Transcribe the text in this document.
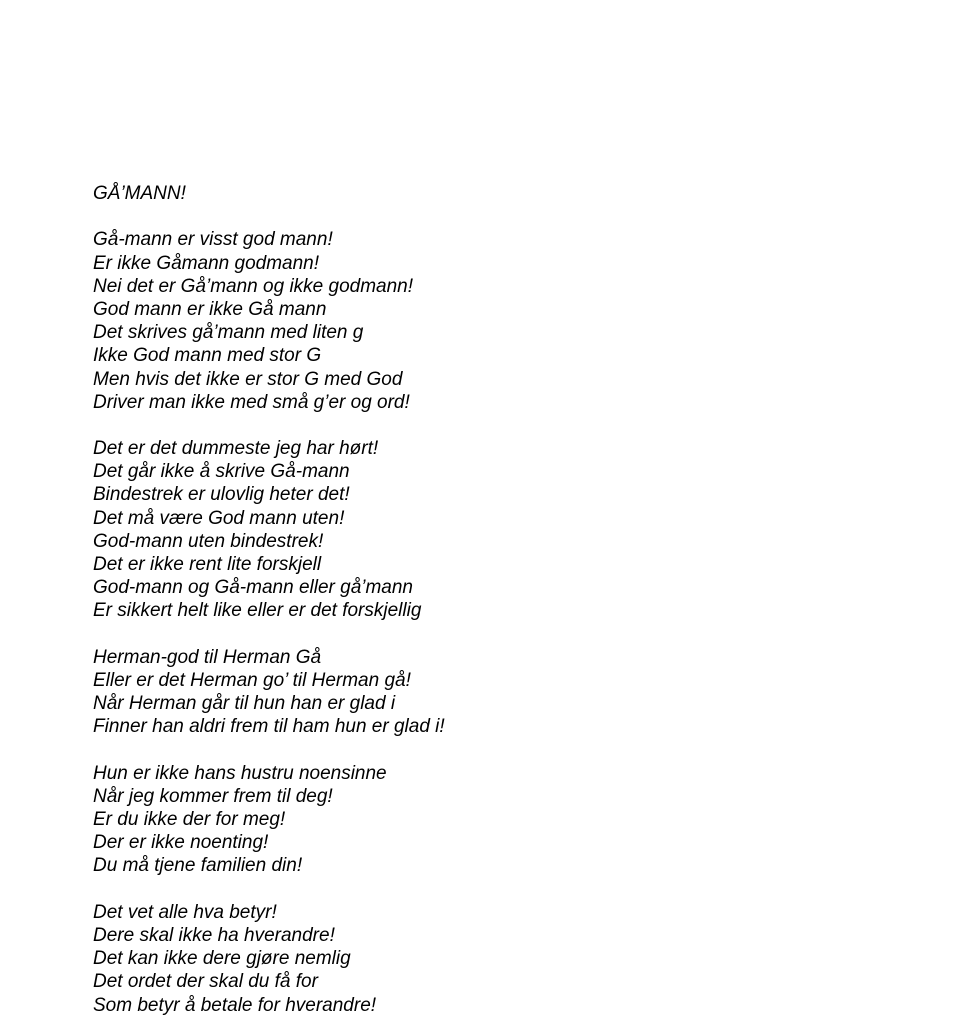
GÅ’MANN!
Gå-mann er visst god mann!
Er ikke Gåmann godmann!
Nei det er Gå’mann og ikke godmann!
God mann er ikke Gå mann
Det skrives gå’mann med liten g
Ikke God mann med stor G
Men hvis det ikke er stor G med God
Driver man ikke med små g’er og ord!
Det er det dummeste jeg har hørt!
Det går ikke å skrive Gå-mann
Bindestrek er ulovlig heter det!
Det må være God mann uten!
God-mann uten bindestrek!
Det er ikke rent lite forskjell
God-mann og Gå-mann eller gå’mann
Er sikkert helt like eller er det forskjellig
Herman-god til Herman Gå
Eller er det Herman go’ til Herman gå!
Når Herman går til hun han er glad i
Finner han aldri frem til ham hun er glad i!
Hun er ikke hans hustru noensinne
Når jeg kommer frem til deg!
Er du ikke der for meg!
Der er ikke noenting!
Du må tjene familien din!
Det vet alle hva betyr!
Dere skal ikke ha hverandre!
Det kan ikke dere gjøre nemlig
Det ordet der skal du få for
Som betyr å betale for hverandre!
